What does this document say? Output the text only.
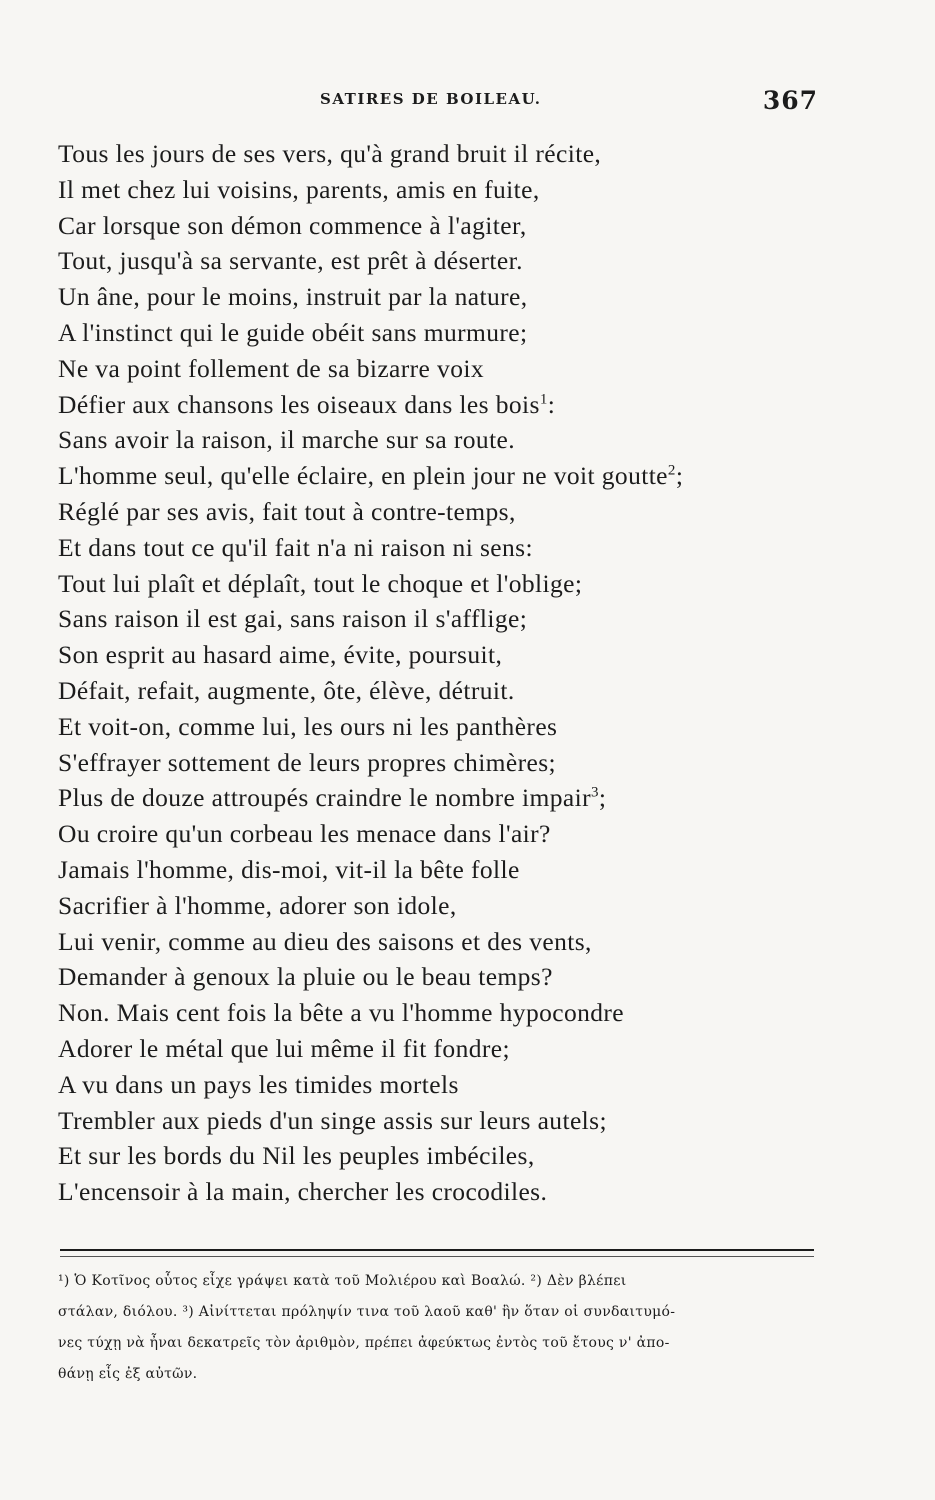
SATIRES DE BOILEAU.	367
Tous les jours de ses vers, qu'à grand bruit il récite,
Il met chez lui voisins, parents, amis en fuite,
Car lorsque son démon commence à l'agiter,
Tout, jusqu'à sa servante, est prêt à déserter.
Un âne, pour le moins, instruit par la nature,
A l'instinct qui le guide obéit sans murmure;
Ne va point follement de sa bizarre voix
Défier aux chansons les oiseaux dans les bois$^1$:
Sans avoir la raison, il marche sur sa route.
L'homme seul, qu'elle éclaire, en plein jour ne voit goutte$^2$;
Réglé par ses avis, fait tout à contre-temps,
Et dans tout ce qu'il fait n'a ni raison ni sens:
Tout lui plaît et déplaît, tout le choque et l'oblige;
Sans raison il est gai, sans raison il s'afflige;
Son esprit au hasard aime, évite, poursuit,
Défait, refait, augmente, ôte, élève, détruit.
Et voit-on, comme lui, les ours ni les panthères
S'effrayer sottement de leurs propres chimères;
Plus de douze attroupés craindre le nombre impair$^3$;
Ou croire qu'un corbeau les menace dans l'air?
Jamais l'homme, dis-moi, vit-il la bête folle
Sacrifier à l'homme, adorer son idole,
Lui venir, comme au dieu des saisons et des vents,
Demander à genoux la pluie ou le beau temps?
Non. Mais cent fois la bête a vu l'homme hypocondre
Adorer le métal que lui même il fit fondre;
A vu dans un pays les timides mortels
Trembler aux pieds d'un singe assis sur leurs autels;
Et sur les bords du Nil les peuples imbéciles,
L'encensoir à la main, chercher les crocodiles.
¹) Ὁ Κοτῖνος οὗτος εἶχε γράψει κατὰ τοῦ Μολιέρου καὶ Βοαλώ. ²) Δὲν βλέπει
στάλαν, διόλου. ³) Αἰνίττεται πρόληψίν τινα τοῦ λαοῦ καθ' ἣν ὅταν οἱ συνδαιτυμό-
νες τύχῃ νὰ ἦναι δεκατρεῖς τὸν ἀριθμὸν, πρέπει ἀφεύκτως ἐντὸς τοῦ ἔτους ν' ἀπο-
θάνῃ εἷς ἐξ αὐτῶν.
